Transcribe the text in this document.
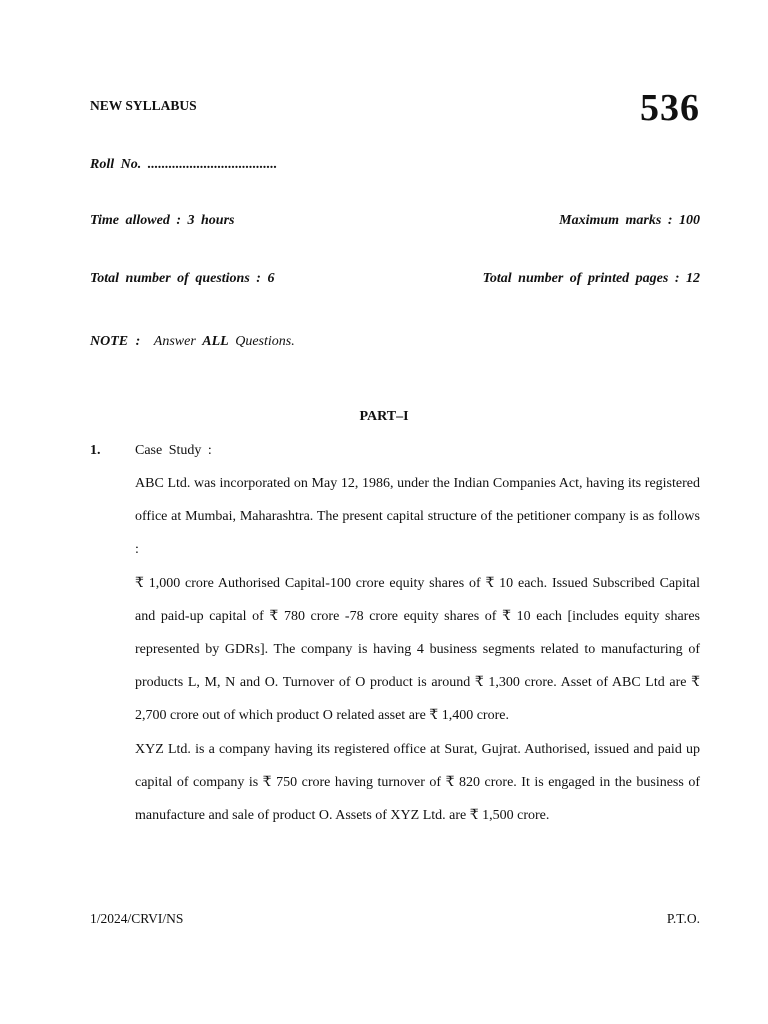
NEW SYLLABUS	536
Roll No. .....................................
Time allowed : 3 hours	Maximum marks : 100
Total number of questions : 6	Total number of printed pages : 12
NOTE : Answer ALL Questions.
PART–I
1. Case Study :

ABC Ltd. was incorporated on May 12, 1986, under the Indian Companies Act, having its registered office at Mumbai, Maharashtra. The present capital structure of the petitioner company is as follows :

₹ 1,000 crore Authorised Capital-100 crore equity shares of ₹ 10 each. Issued Subscribed Capital and paid-up capital of ₹ 780 crore -78 crore equity shares of ₹ 10 each [includes equity shares represented by GDRs]. The company is having 4 business segments related to manufacturing of products L, M, N and O. Turnover of O product is around ₹ 1,300 crore. Asset of ABC Ltd are ₹ 2,700 crore out of which product O related asset are ₹ 1,400 crore.

XYZ Ltd. is a company having its registered office at Surat, Gujrat. Authorised, issued and paid up capital of company is ₹ 750 crore having turnover of ₹ 820 crore. It is engaged in the business of manufacture and sale of product O. Assets of XYZ Ltd. are ₹ 1,500 crore.

1/2024/CRVI/NS	P.T.O.
